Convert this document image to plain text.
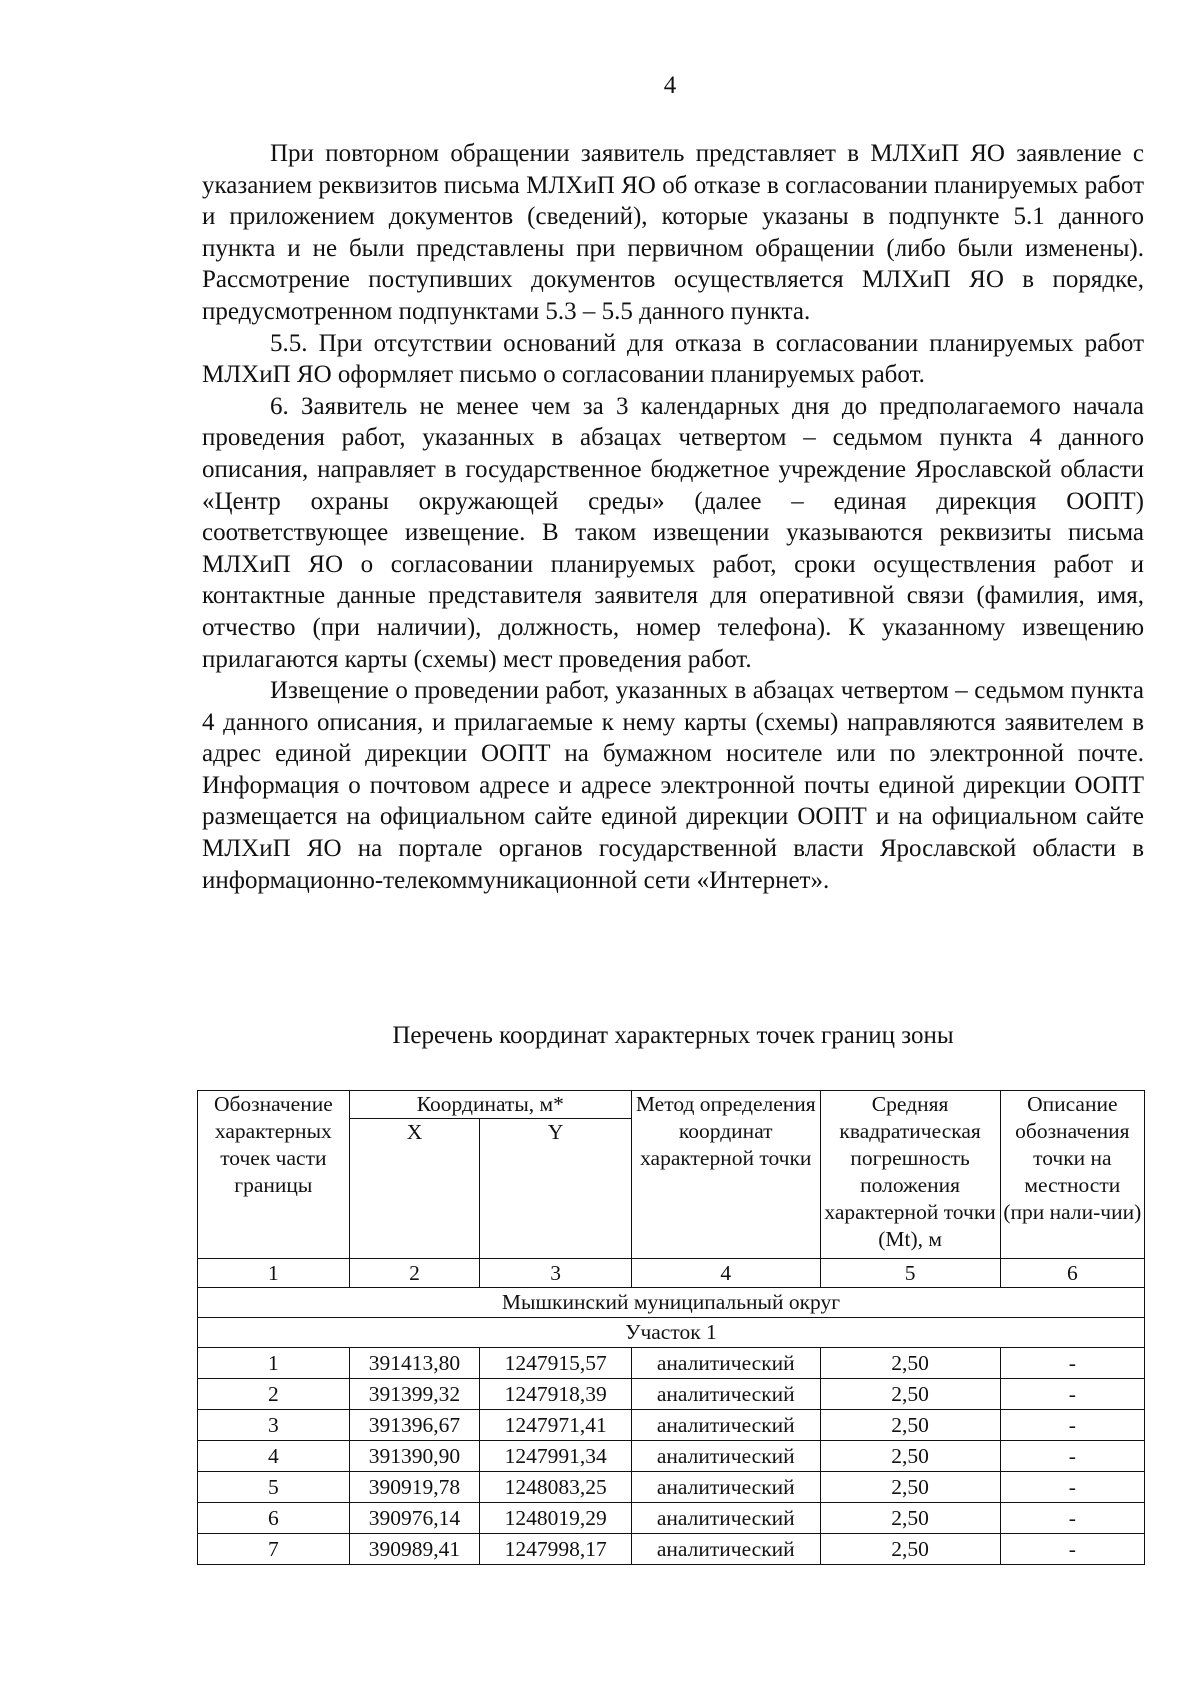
4

При повторном обращении заявитель представляет в МЛХиП ЯО заявление с указанием реквизитов письма МЛХиП ЯО об отказе в согласовании планируемых работ и приложением документов (сведений), которые указаны в подпункте 5.1 данного пункта и не были представлены при первичном обращении (либо были изменены). Рассмотрение поступивших документов осуществляется МЛХиП ЯО в порядке, предусмотренном подпунктами 5.3 – 5.5 данного пункта.

5.5. При отсутствии оснований для отказа в согласовании планируемых работ МЛХиП ЯО оформляет письмо о согласовании планируемых работ.

6. Заявитель не менее чем за 3 календарных дня до предполагаемого начала проведения работ, указанных в абзацах четвертом – седьмом пункта 4 данного описания, направляет в государственное бюджетное учреждение Ярославской области «Центр охраны окружающей среды» (далее – единая дирекция ООПТ) соответствующее извещение. В таком извещении указываются реквизиты письма МЛХиП ЯО о согласовании планируемых работ, сроки осуществления работ и контактные данные представителя заявителя для оперативной связи (фамилия, имя, отчество (при наличии), должность, номер телефона). К указанному извещению прилагаются карты (схемы) мест проведения работ.

Извещение о проведении работ, указанных в абзацах четвертом – седьмом пункта 4 данного описания, и прилагаемые к нему карты (схемы) направляются заявителем в адрес единой дирекции ООПТ на бумажном носителе или по электронной почте. Информация о почтовом адресе и адресе электронной почты единой дирекции ООПТ размещается на официальном сайте единой дирекции ООПТ и на официальном сайте МЛХиП ЯО на портале органов государственной власти Ярославской области в информационно-телекоммуникационной сети «Интернет».

Перечень координат характерных точек границ зоны
Обозначение характерных точек части границы	Координаты, м*		Метод определения координат характерной точки	Средняя квадратическая погрешность положения характерной точки (Mt), м	Описание обозначения точки на местности (при нали-чии)
	X	Y			
1	2	3	4	5	6
Мышкинский муниципальный округ					
Участок 1					
1	391413,80	1247915,57	аналитический	2,50	-
2	391399,32	1247918,39	аналитический	2,50	-
3	391396,67	1247971,41	аналитический	2,50	-
4	391390,90	1247991,34	аналитический	2,50	-
5	390919,78	1248083,25	аналитический	2,50	-
6	390976,14	1248019,29	аналитический	2,50	-
7	390989,41	1247998,17	аналитический	2,50	-
